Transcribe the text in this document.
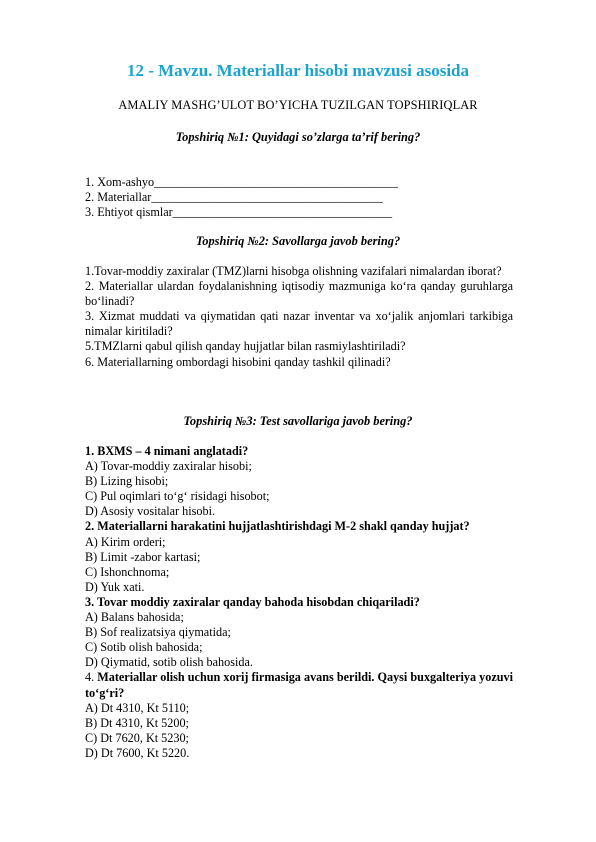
12 - Mavzu. Materiallar hisobi mavzusi asosida
AMALIY MASHG’ULOT BO’YICHA TUZILGAN TOPSHIRIQLAR
Topshiriq №1: Quyidagi so’zlarga ta’rif bering?
1. Xom-ashyo________________________________________
2. Materiallar______________________________________
3. Ehtiyot qismlar____________________________________
Topshiriq №2: Savollarga javob bering?
1.Tovar-moddiy zaxiralar (TMZ)larni hisobga olishning vazifalari nimalardan iborat?
2. Materiallar ulardan foydalanishning iqtisodiy mazmuniga ko‘ra qanday guruhlarga bo‘linadi?
3. Xizmat muddati va qiymatidan qati nazar inventar va xo‘jalik anjomlari tarkibiga nimalar kiritiladi?
5.TMZlarni qabul qilish qanday hujjatlar bilan rasmiylashtiriladi?
6. Materiallarning ombordagi hisobini qanday tashkil qilinadi?
Topshiriq №3: Test savollariga javob bering?
1. BXMS – 4 nimani anglatadi?
A) Tovar-moddiy zaxiralar hisobi;
B) Lizing hisobi;
C) Pul oqimlari to‘g‘ risidagi hisobot;
D) Asosiy vositalar hisobi.
2. Materiallarni harakatini hujjatlashtirishdagi M-2 shakl qanday hujjat?
A) Kirim orderi;
B) Limit -zabor kartasi;
C) Ishonchnoma;
D) Yuk xati.
3. Tovar moddiy zaxiralar qanday bahoda hisobdan chiqariladi?
A) Balans bahosida;
B) Sof realizatsiya qiymatida;
C) Sotib olish bahosida;
D) Qiymatid, sotib olish bahosida.
4. Materiallar olish uchun xorij firmasiga avans berildi. Qaysi buxgalteriya yozuvi to‘g‘ri?
A) Dt 4310, Kt 5110;
B) Dt 4310, Kt 5200;
C) Dt 7620, Kt 5230;
D) Dt 7600, Kt 5220.
